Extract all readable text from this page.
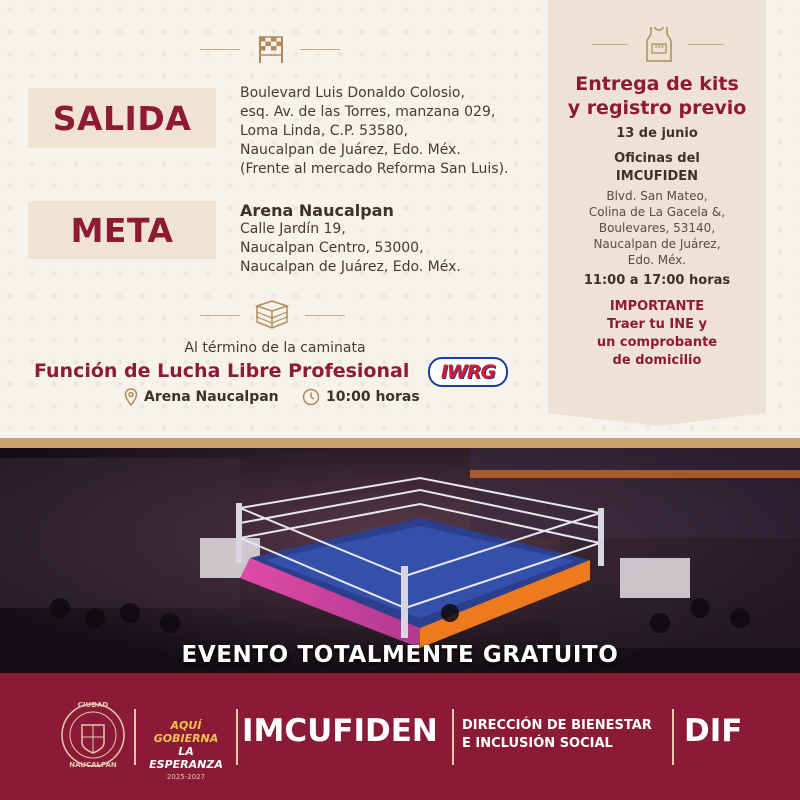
SALIDA
Boulevard Luis Donaldo Colosio,
esq. Av. de las Torres, manzana 029,
Loma Linda, C.P. 53580,
Naucalpan de Juárez, Edo. Méx.
(Frente al mercado Reforma San Luis).
META	Arena Naucalpan
Calle Jardín 19,
Naucalpan Centro, 53000,
Naucalpan de Juárez, Edo. Méx.
Al término de la caminata
Función de Lucha Libre Profesional IWRG
Arena Naucalpan	10:00 horas
999
Entrega de kits
y registro previo
13 de junio
Oficinas del
IMCUFIDEN
Blvd. San Mateo,
Colina de La Gacela &,
Boulevares, 53140,
Naucalpan de Juárez,
Edo. Méx.
11:00 a 17:00 horas
IMPORTANTE
Traer tu INE y
un comprobante
de domicilio
EVENTO TOTALMENTE GRATUITO
CIUDAD
NAUCALPAN
AQUÍ GOBIERNA
LA ESPERANZA
2025-2027
IMCUFIDEN DIRECCIÓN DE BIENESTAR
E INCLUSIÓN SOCIAL	DIF
